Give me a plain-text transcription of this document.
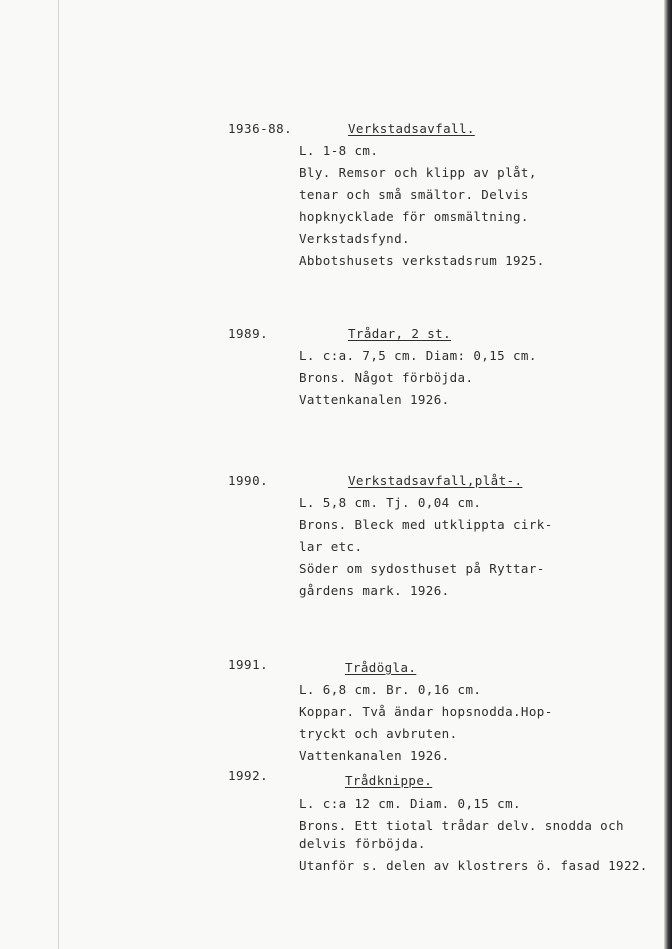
1936-88.	Verkstadsavfall.
L. 1-8 cm.
Bly. Remsor och klipp av plåt,
tenar och små smältor. Delvis
hopknycklade för omsmältning.
Verkstadsfynd.
Abbotshusets verkstadsrum 1925.
1989.	Trådar, 2 st.
L. c:a. 7,5 cm. Diam: 0,15 cm.
Brons. Något förböjda.
Vattenkanalen 1926.
1990.	Verkstadsavfall,plåt-.
L. 5,8 cm. Tj. 0,04 cm.
Brons. Bleck med utklippta cirk-
lar etc.
Söder om sydosthuset på Ryttar-
gårdens mark. 1926.
1991.	Trådögla.
L. 6,8 cm. Br. 0,16 cm.
Koppar. Två ändar hopsnodda.Hop-
tryckt och avbruten.
Vattenkanalen 1926.
1992.	Trådknippe.
L. c:a 12 cm. Diam. 0,15 cm.
Brons. Ett tiotal trådar delv. snodda och
delvis förböjda.
Utanför s. delen av klostrers ö. fasad 1922.
